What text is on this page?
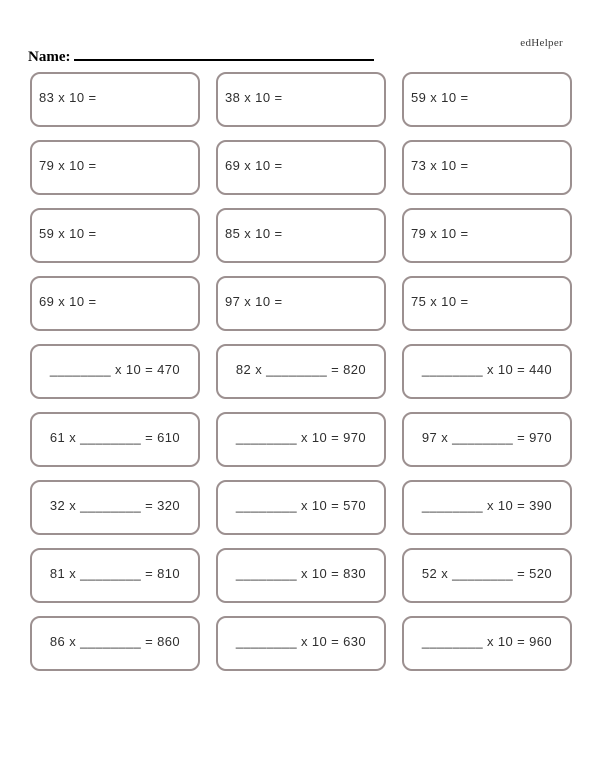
edHelper
Name:
83 x 10 =	38 x 10 =	59 x 10 =
79 x 10 =	69 x 10 =	73 x 10 =
59 x 10 =	85 x 10 =	79 x 10 =
69 x 10 =	97 x 10 =	75 x 10 =
________ x 10 = 470	82 x ________ = 820	________ x 10 = 440
61 x ________ = 610	________ x 10 = 970	97 x ________ = 970
32 x ________ = 320	________ x 10 = 570	________ x 10 = 390
81 x ________ = 810	________ x 10 = 830	52 x ________ = 520
86 x ________ = 860	________ x 10 = 630	________ x 10 = 960
